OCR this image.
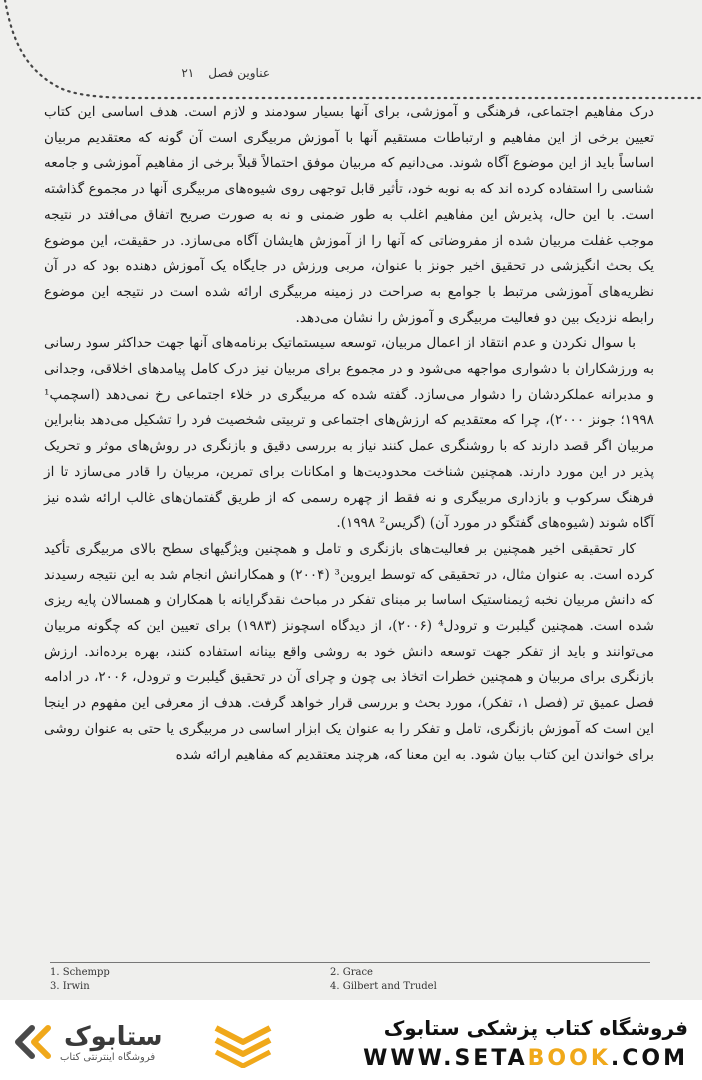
عناوین فصل
۲۱

درک مفاهیم اجتماعی، فرهنگی و آموزشی، برای آنها بسیار سودمند و لازم است. هدف اساسی این کتاب تعیین برخی از این مفاهیم و ارتباطات مستقیم آنها با آموزش مربیگری است آن گونه که معتقدیم مربیان اساساً باید از این موضوع آگاه شوند. می‌دانیم که مربیان موفق احتمالاً قبلاً برخی از مفاهیم آموزشی و جامعه شناسی را استفاده کرده اند که به نوبه خود، تأثیر قابل توجهی روی شیوه‌های مربیگری آنها در مجموع گذاشته است. با این حال، پذیرش این مفاهیم اغلب به طور ضمنی و نه به صورت صریح اتفاق می‌افتد در نتیجه موجب غفلت مربیان شده از مفروضاتی که آنها را از آموزش هایشان آگاه می‌سازد. در حقیقت، این موضوع یک بحث انگیزشی در تحقیق اخیر جونز با عنوان، مربی ورزش در جایگاه یک آموزش دهنده بود که در آن نظریه‌های آموزشی مرتبط با جوامع به صراحت در زمینه مربیگری ارائه شده است در نتیجه این موضوع رابطه نزدیک بین دو فعالیت مربیگری و آموزش را نشان می‌دهد.

با سوال نکردن و عدم انتقاد از اعمال مربیان، توسعه سیستماتیک برنامه‌های آنها جهت حداکثر سود رسانی به ورزشکاران با دشواری مواجهه می‌شود و در مجموع برای مربیان نیز درک کامل پیامدهای اخلاقی، وجدانی و مدبرانه عملکردشان را دشوار می‌سازد. گفته شده که مربیگری در خلاء اجتماعی رخ نمی‌دهد (اسچمپ¹ ۱۹۹۸؛ جونز ۲۰۰۰)، چرا که معتقدیم که ارزش‌های اجتماعی و تربیتی شخصیت فرد را تشکیل می‌دهد بنابراین مربیان اگر قصد دارند که با روشنگری عمل کنند نیاز به بررسی دقیق و بازنگری در روش‌های موثر و تحریک پذیر در این مورد دارند. همچنین شناخت محدودیت‌ها و امکانات برای تمرین، مربیان را قادر می‌سازد تا از فرهنگ سرکوب و بازداری مربیگری و نه فقط از چهره رسمی که از طریق گفتمان‌های غالب ارائه شده نیز آگاه شوند (شیوه‌های گفتگو در مورد آن) (گریس² ۱۹۹۸).

کار تحقیقی اخیر همچنین بر فعالیت‌های بازنگری و تامل و همچنین ویژگیهای سطح بالای مربیگری تأکید کرده است. به عنوان مثال، در تحقیقی که توسط ایروین³ (۲۰۰۴) و همکارانش انجام شد به این نتیجه رسیدند که دانش مربیان نخبه ژیمناستیک اساسا بر مبنای تفکر در مباحث نقدگرایانه با همکاران و همسالان پایه ریزی شده است. همچنین گیلبرت و ترودل⁴ (۲۰۰۶)، از دیدگاه اسچونز (۱۹۸۳) برای تعیین این که چگونه مربیان می‌توانند و باید از تفکر جهت توسعه دانش خود به روشی واقع بینانه استفاده کنند، بهره برده‌اند. ارزش بازنگری برای مربیان و همچنین خطرات اتخاذ بی چون و چرای آن در تحقیق گیلبرت و ترودل، ۲۰۰۶، در ادامه فصل عمیق تر (فصل ۱، تفکر)، مورد بحث و بررسی قرار خواهد گرفت. هدف از معرفی این مفهوم در اینجا این است که آموزش بازنگری، تامل و تفکر را به عنوان یک ابزار اساسی در مربیگری یا حتی به عنوان روشی برای خواندن این کتاب بیان شود. به این معنا که، هرچند معتقدیم که مفاهیم ارائه شده

1. Schempp	2. Grace
3. Irwin	4. Gilbert and Trudel
ستابوک
فروشگاه اینترنتی کتاب
فروشگاه کتاب پزشکی ستابوک
WWW.SETABOOK.COM
